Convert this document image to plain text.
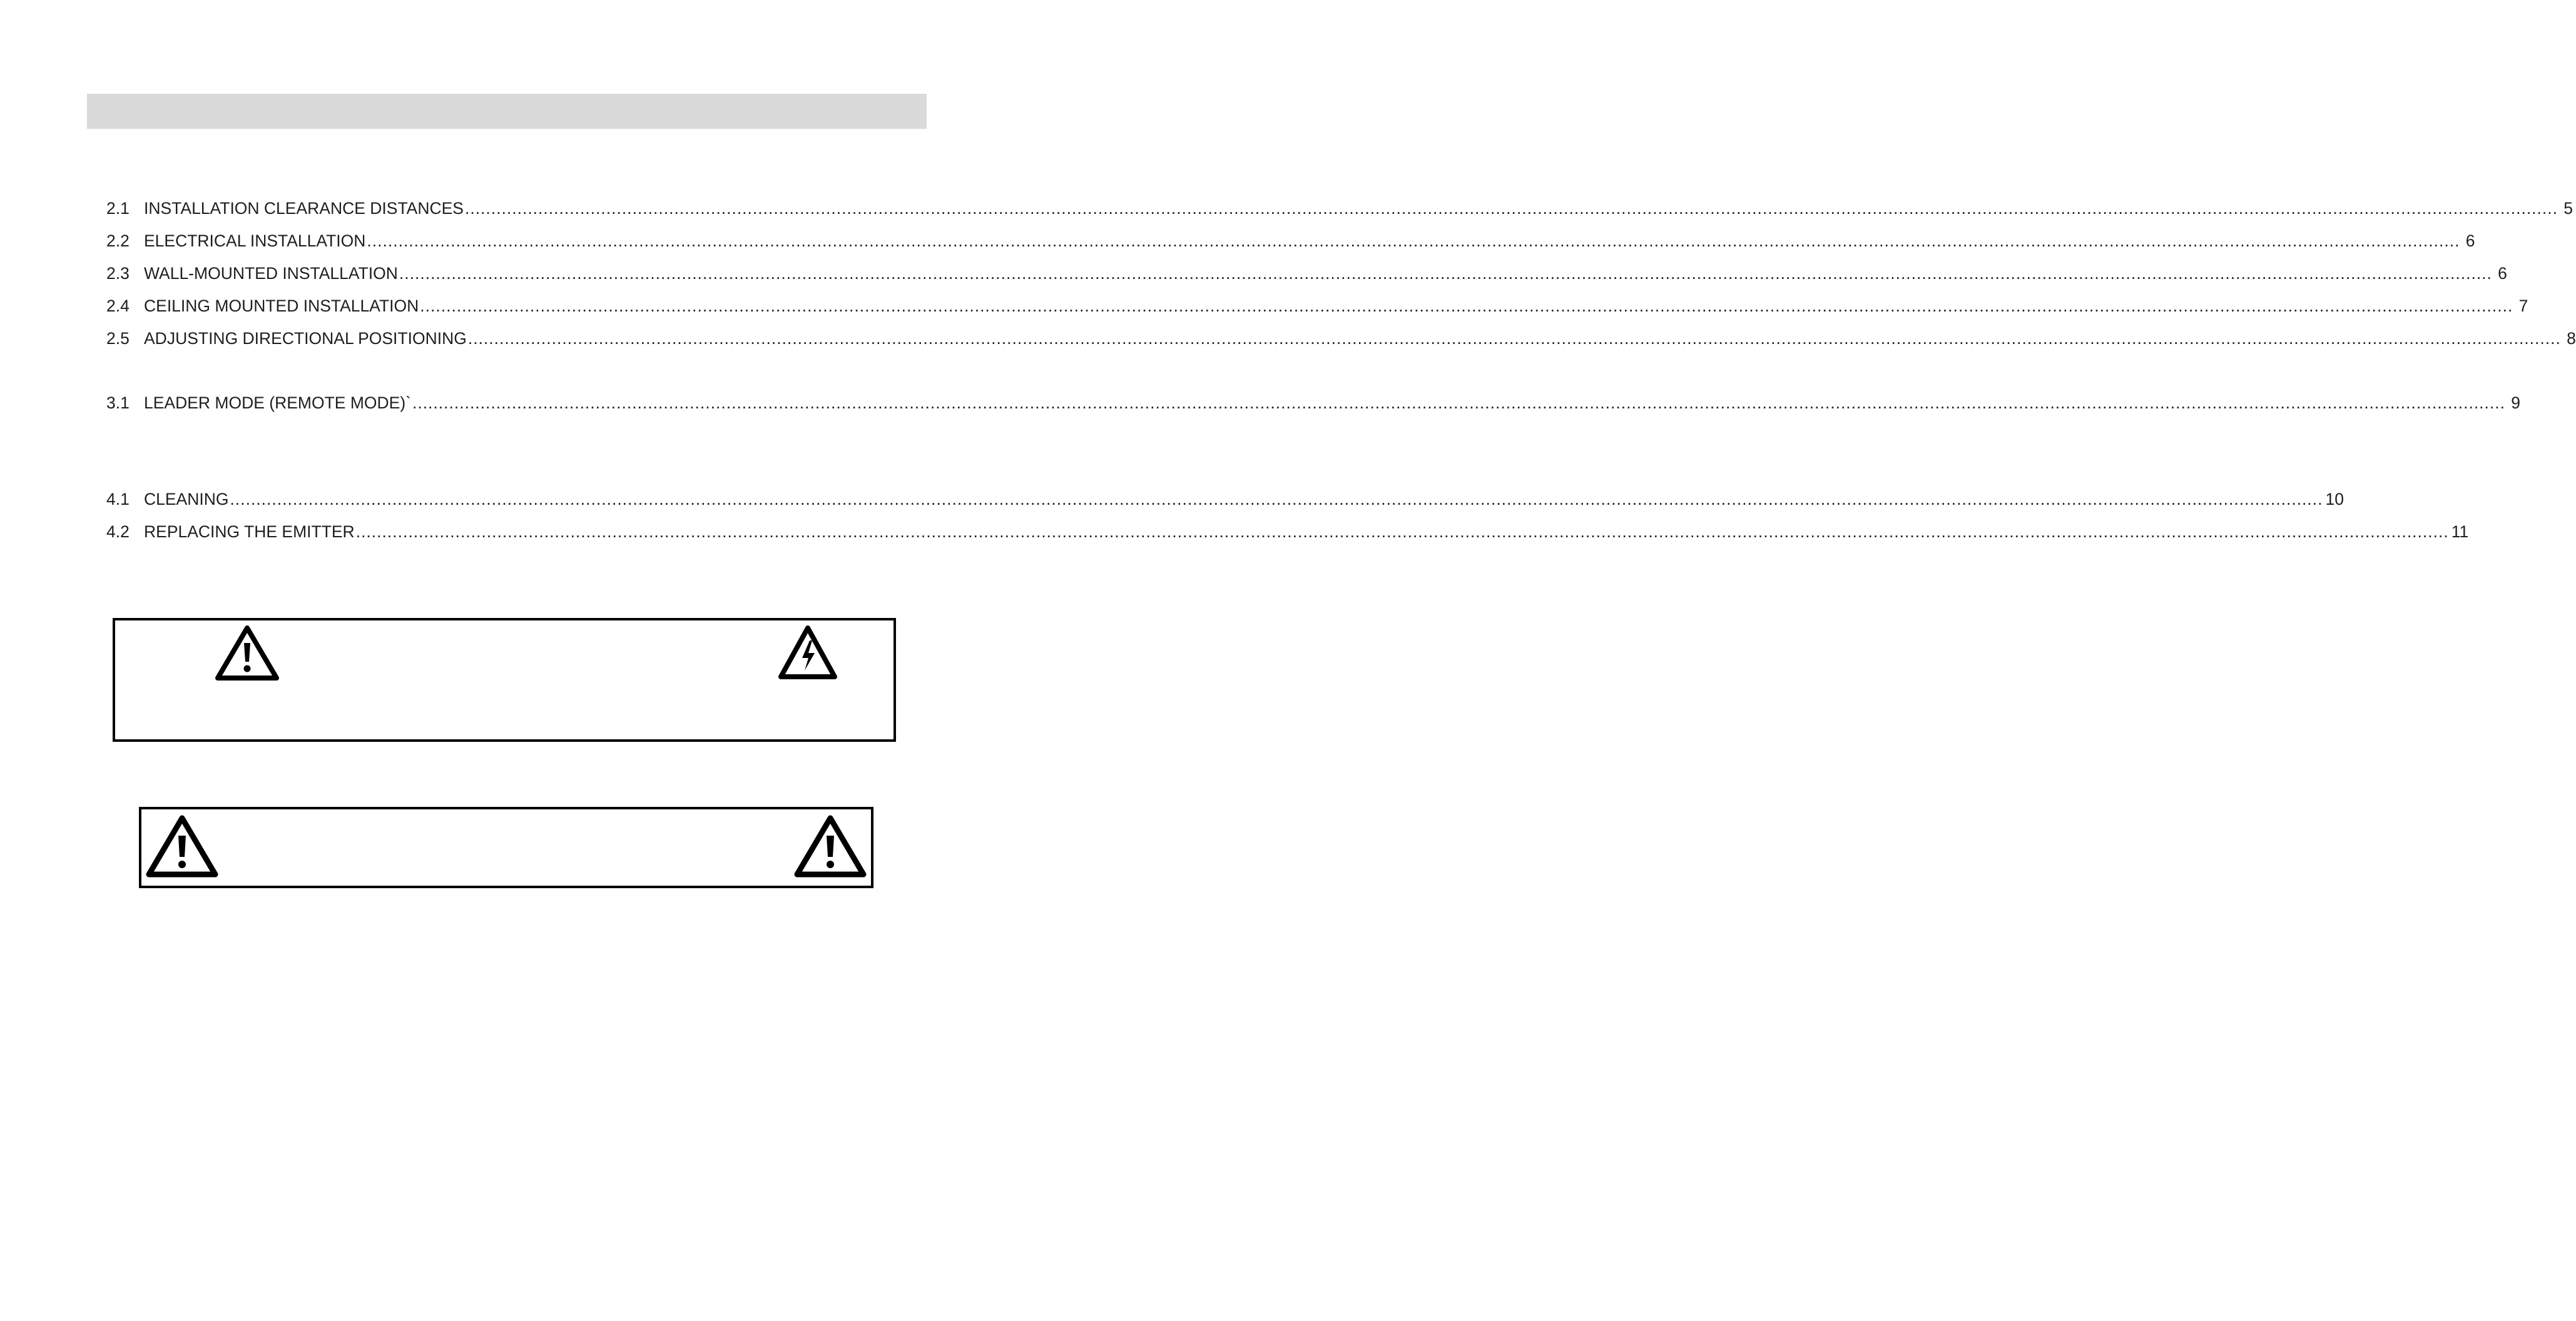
2.1 INSTALLATION CLEARANCE DISTANCES ................................................................................................................................................................................................................................................................................................................................................................................................................ 5
2.2 ELECTRICAL INSTALLATION ................................................................................................................................................................................................................................................................................................................................................................................................................ 6
2.3 WALL-MOUNTED INSTALLATION ................................................................................................................................................................................................................................................................................................................................................................................................................ 6
2.4 CEILING MOUNTED INSTALLATION ................................................................................................................................................................................................................................................................................................................................................................................................................ 7
2.5 ADJUSTING DIRECTIONAL POSITIONING ................................................................................................................................................................................................................................................................................................................................................................................................................ 8
3.1 LEADER MODE (REMOTE MODE)` ................................................................................................................................................................................................................................................................................................................................................................................................................ 9
4.1 CLEANING ................................................................................................................................................................................................................................................................................................................................................................................................................ 10
4.2 REPLACING THE EMITTER ................................................................................................................................................................................................................................................................................................................................................................................................................ 11
